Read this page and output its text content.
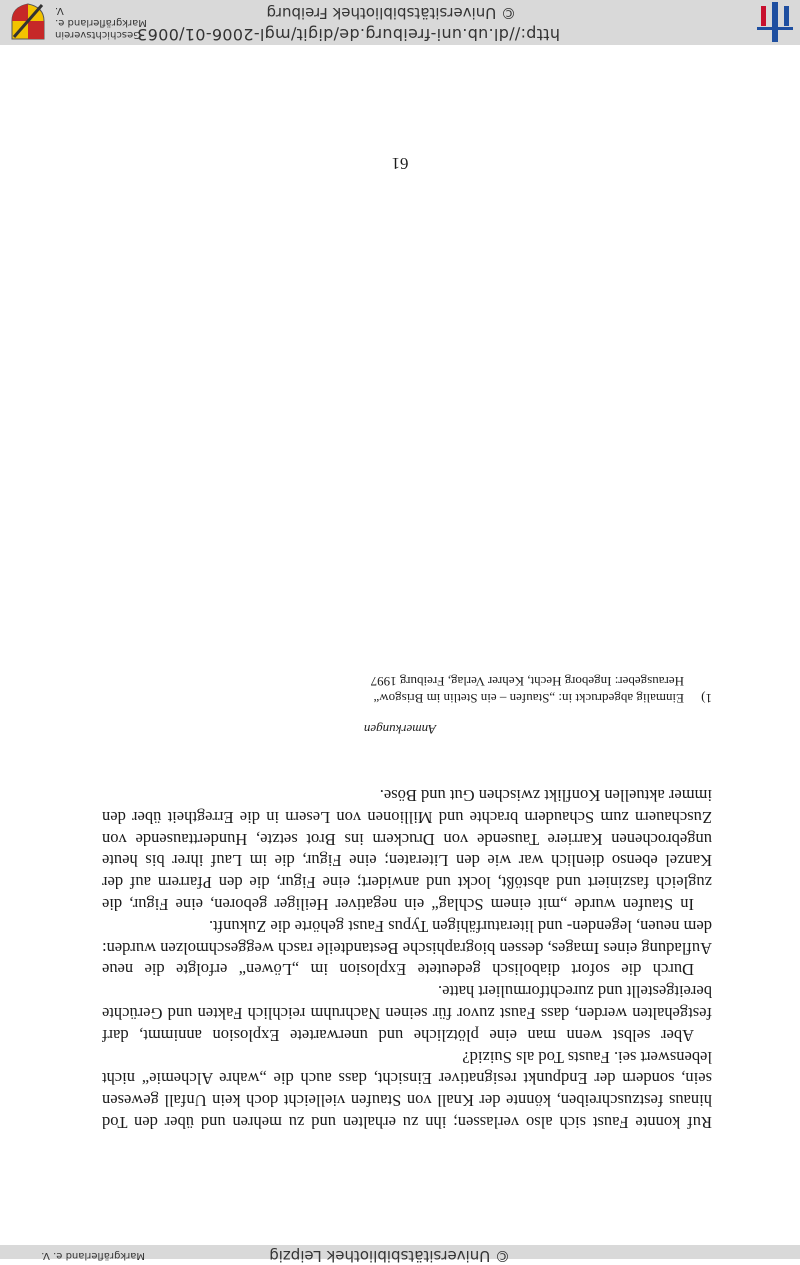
© Universitätsbibliothek Leipzig
Markgräflerland e. V.

Ruf konnte Faust sich also verlassen; ihn zu erhalten und zu mehren und über den Tod hinaus festzuschreiben, könnte der Knall von Staufen vielleicht doch kein Unfall gewesen sein, sondern der Endpunkt resignativer Einsicht, dass auch die „wahre Alchemie“ nicht lebenswert sei. Fausts Tod als Suizid?

Aber selbst wenn man eine plötzliche und unerwartete Explosion annimmt, darf festgehalten werden, dass Faust zuvor für seinen Nachruhm reichlich Fakten und Gerüchte bereitgestellt und zurechtformuliert hatte.

Durch die sofort diabolisch gedeutete Explosion im „Löwen“ erfolgte die neue Aufladung eines Images, dessen biographische Bestandteile rasch weggeschmolzen wurden: dem neuen, legenden- und literaturfähigen Typus Faust gehörte die Zukunft.

In Staufen wurde „mit einem Schlag“ ein negativer Heiliger geboren, eine Figur, die zugleich fasziniert und abstößt, lockt und anwidert; eine Figur, die den Pfarrern auf der Kanzel ebenso dienlich war wie den Literaten; eine Figur, die im Lauf ihrer bis heute ungebrochenen Karriere Tausende von Druckern ins Brot setzte, Hunderttausende von Zuschauern zum Schaudern brachte und Millionen von Lesern in die Erregtheit über den immer aktuellen Konflikt zwischen Gut und Böse.

Anmerkungen
1)
Einmalig abgedruckt in: „Staufen – ein Stetlin im Brisgow“
Herausgeber: Ingeborg Hecht, Kehrer Verlag, Freiburg 1997
61
http://dl.ub.uni-freiburg.de/digit/mgl-2006-01/0063
© Universitätsbibliothek Freiburg
Geschichtsverein Markgräflerland e. V.
